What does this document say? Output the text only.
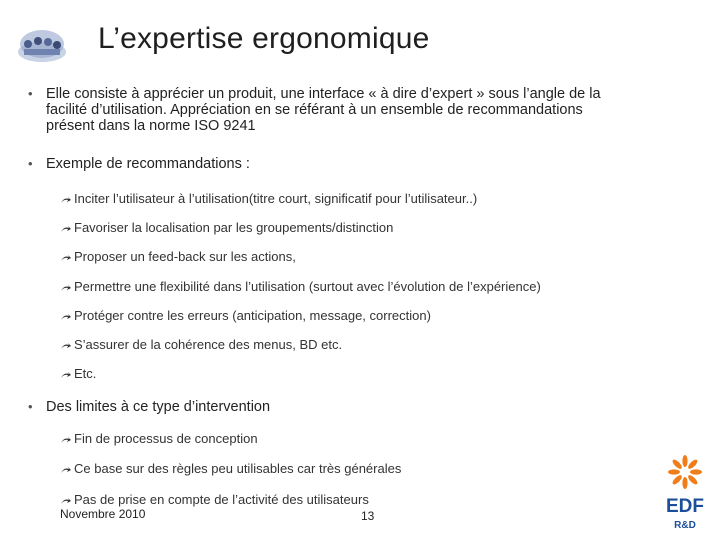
L’expertise ergonomique
• Elle consiste à apprécier un produit, une interface « à dire d’expert » sous l’angle de la
facilité d’utilisation. Appréciation en se référant à un ensemble de recommandations
présent dans la norme ISO 9241
• Exemple de recommandations :
Inciter l’utilisateur à l’utilisation(titre court, significatif pour l’utilisateur..)
Favoriser la localisation par les groupements/distinction
Proposer un feed-back sur les actions,
Permettre une flexibilité dans l’utilisation (surtout avec l’évolution de l’expérience)
Protéger contre les erreurs (anticipation, message, correction)
S’assurer de la cohérence des menus, BD etc.
Etc.
• Des limites à ce type d’intervention
Fin de processus de conception
Ce base sur des règles peu utilisables car très générales
Pas de prise en compte de l’activité des utilisateurs
Novembre 2010	13	EDF
R&D
